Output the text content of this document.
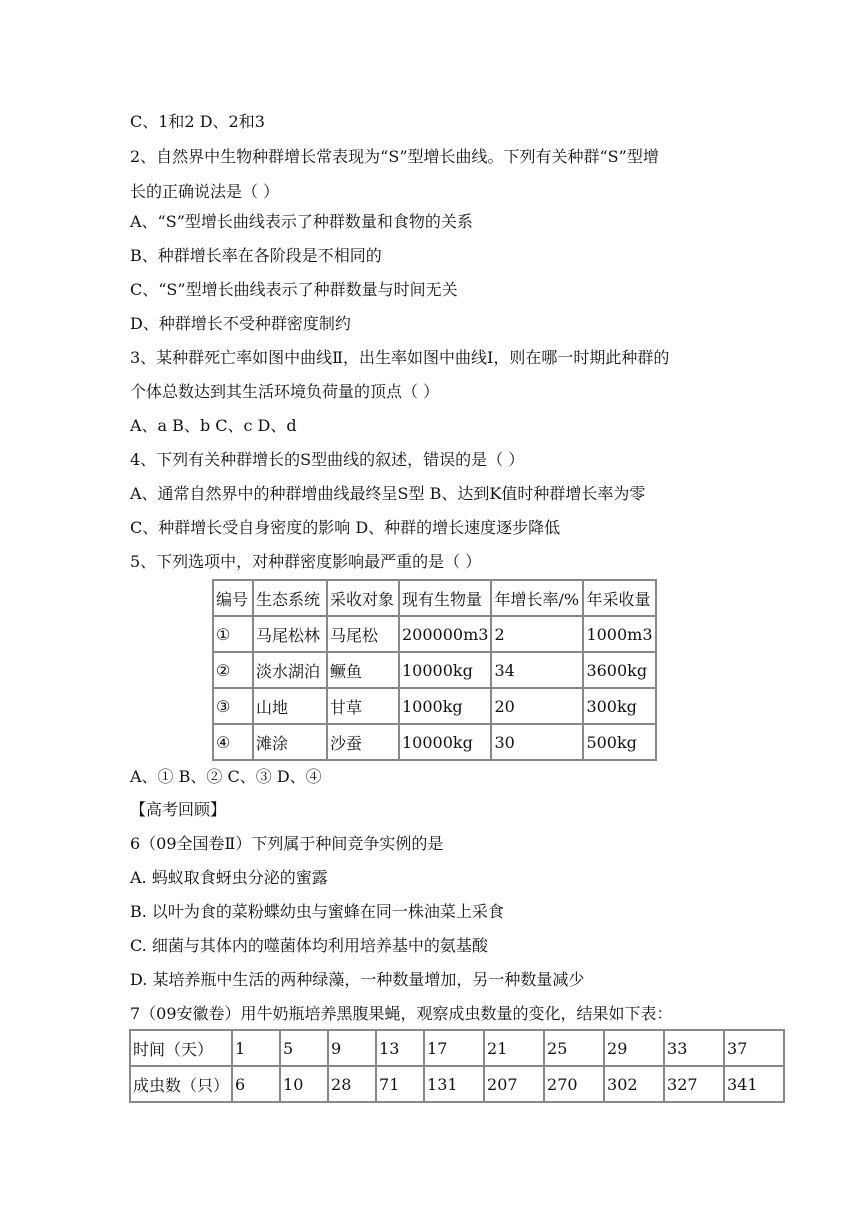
C、1和2 D、2和3
2、自然界中生物种群增长常表现为“S”型增长曲线。下列有关种群“S”型增
长的正确说法是（ ）
A、“S”型增长曲线表示了种群数量和食物的关系
B、种群增长率在各阶段是不相同的
C、“S”型增长曲线表示了种群数量与时间无关
D、种群增长不受种群密度制约
3、某种群死亡率如图中曲线Ⅱ，出生率如图中曲线Ⅰ，则在哪一时期此种群的
个体总数达到其生活环境负荷量的顶点（ ）
A、a B、b C、c D、d
4、下列有关种群增长的S型曲线的叙述，错误的是（ ）
A、通常自然界中的种群增曲线最终呈S型 B、达到K值时种群增长率为零
C、种群增长受自身密度的影响 D、种群的增长速度逐步降低
5、下列选项中，对种群密度影响最严重的是（ ）
编号	生态系统	采收对象	现有生物量	年增长率/%	年采收量
①	马尾松林	马尾松	200000m3	2	1000m3
②	淡水湖泊	鳜鱼	10000kg	34	3600kg
③	山地	甘草	1000kg	20	300kg
④	滩涂	沙蚕	10000kg	30	500kg
A、① B、② C、③ D、④
【高考回顾】
6（09全国卷Ⅱ）下列属于种间竞争实例的是
A. 蚂蚁取食蚜虫分泌的蜜露
B. 以叶为食的菜粉蝶幼虫与蜜蜂在同一株油菜上采食
C. 细菌与其体内的噬菌体均利用培养基中的氨基酸
D. 某培养瓶中生活的两种绿藻，一种数量增加，另一种数量减少
7（09安徽卷）用牛奶瓶培养黑腹果蝇，观察成虫数量的变化，结果如下表：
时间（天）	1	5	9	13	17	21	25	29	33	37
成虫数（只）	6	10	28	71	131	207	270	302	327	341
